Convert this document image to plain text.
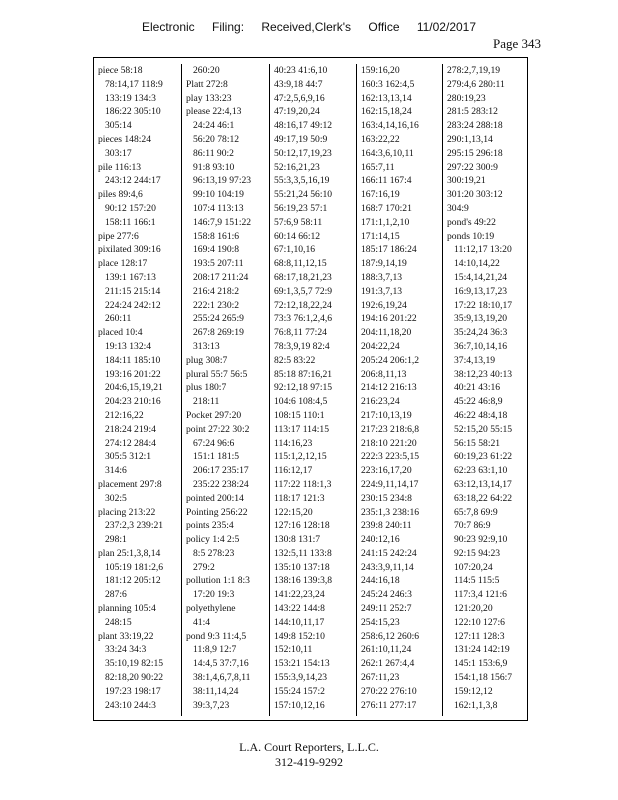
Electronic Filing: Received,Clerk's Office 11/02/2017
Page 343
piece 58:18
78:14,17 118:9
133:19 134:3
186:22 305:10
305:14
pieces 148:24
303:17
pile 116:13
243:12 244:17
piles 89:4,6
90:12 157:20
158:11 166:1
pipe 277:6
pixilated 309:16
place 128:17
139:1 167:13
211:15 215:14
224:24 242:12
260:11
placed 10:4
19:13 132:4
184:11 185:10
193:16 201:22
204:6,15,19,21
204:23 210:16
212:16,22
218:24 219:4
274:12 284:4
305:5 312:1
314:6
placement 297:8
302:5
placing 213:22
237:2,3 239:21
298:1
plan 25:1,3,8,14
105:19 181:2,6
181:12 205:12
287:6
planning 105:4
248:15
plant 33:19,22
33:24 34:3
35:10,19 82:15
82:18,20 90:22
197:23 198:17
243:10 244:3
260:20
Platt 272:8
play 133:23
please 22:4,13
24:24 46:1
56:20 78:12
86:11 90:2
91:8 93:10
96:13,19 97:23
99:10 104:19
107:4 113:13
146:7,9 151:22
158:8 161:6
169:4 190:8
193:5 207:11
208:17 211:24
216:4 218:2
222:1 230:2
255:24 265:9
267:8 269:19
313:13
plug 308:7
plural 55:7 56:5
plus 180:7
218:11
Pocket 297:20
point 27:22 30:2
67:24 96:6
151:1 181:5
206:17 235:17
235:22 238:24
pointed 200:14
Pointing 256:22
points 235:4
policy 1:4 2:5
8:5 278:23
279:2
pollution 1:1 8:3
17:20 19:3
polyethylene
41:4
pond 9:3 11:4,5
11:8,9 12:7
14:4,5 37:7,16
38:1,4,6,7,8,11
38:11,14,24
39:3,7,23
40:23 41:6,10
43:9,18 44:7
47:2,5,6,9,16
47:19,20,24
48:16,17 49:12
49:17,19 50:9
50:12,17,19,23
52:16,21,23
55:3,3,5,16,19
55:21,24 56:10
56:19,23 57:1
57:6,9 58:11
60:14 66:12
67:1,10,16
68:8,11,12,15
68:17,18,21,23
69:1,3,5,7 72:9
72:12,18,22,24
73:3 76:1,2,4,6
76:8,11 77:24
78:3,9,19 82:4
82:5 83:22
85:18 87:16,21
92:12,18 97:15
104:6 108:4,5
108:15 110:1
113:17 114:15
114:16,23
115:1,2,12,15
116:12,17
117:22 118:1,3
118:17 121:3
122:15,20
127:16 128:18
130:8 131:7
132:5,11 133:8
135:10 137:18
138:16 139:3,8
141:22,23,24
143:22 144:8
144:10,11,17
149:8 152:10
152:10,11
153:21 154:13
155:3,9,14,23
155:24 157:2
157:10,12,16
159:16,20
160:3 162:4,5
162:13,13,14
162:15,18,24
163:4,14,16,16
163:22,22
164:3,6,10,11
165:7,11
166:11 167:4
167:16,19
168:7 170:21
171:1,1,2,10
171:14,15
185:17 186:24
187:9,14,19
188:3,7,13
191:3,7,13
192:6,19,24
194:16 201:22
204:11,18,20
204:22,24
205:24 206:1,2
206:8,11,13
214:12 216:13
216:23,24
217:10,13,19
217:23 218:6,8
218:10 221:20
222:3 223:5,15
223:16,17,20
224:9,11,14,17
230:15 234:8
235:1,3 238:16
239:8 240:11
240:12,16
241:15 242:24
243:3,9,11,14
244:16,18
245:24 246:3
249:11 252:7
254:15,23
258:6,12 260:6
261:10,11,24
262:1 267:4,4
267:11,23
270:22 276:10
276:11 277:17
278:2,7,19,19
279:4,6 280:11
280:19,23
281:5 283:12
283:24 288:18
290:1,13,14
295:15 296:18
297:22 300:9
300:19,21
301:20 303:12
304:9
pond's 49:22
ponds 10:19
11:12,17 13:20
14:10,14,22
15:4,14,21,24
16:9,13,17,23
17:22 18:10,17
35:9,13,19,20
35:24,24 36:3
36:7,10,14,16
37:4,13,19
38:12,23 40:13
40:21 43:16
45:22 46:8,9
46:22 48:4,18
52:15,20 55:15
56:15 58:21
60:19,23 61:22
62:23 63:1,10
63:12,13,14,17
63:18,22 64:22
65:7,8 69:9
70:7 86:9
90:23 92:9,10
92:15 94:23
107:20,24
114:5 115:5
117:3,4 121:6
121:20,20
122:10 127:6
127:11 128:3
131:24 142:19
145:1 153:6,9
154:1,18 156:7
159:12,12
162:1,1,3,8
L.A. Court Reporters, L.L.C.
312-419-9292
